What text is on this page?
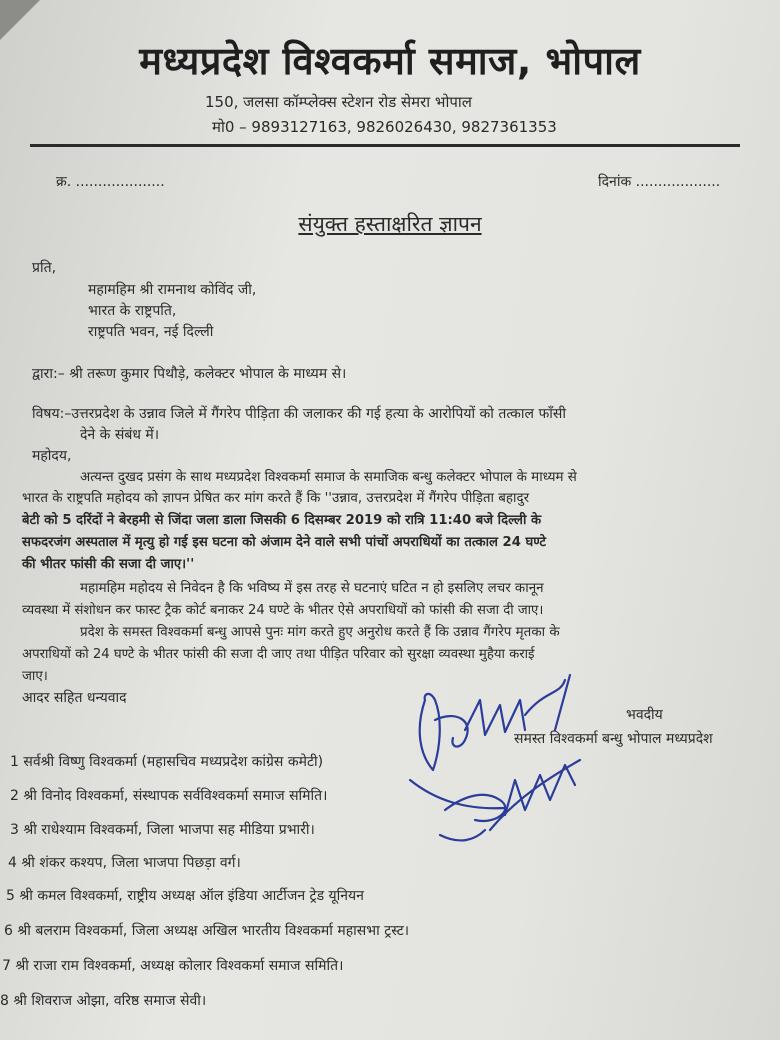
मध्यप्रदेश विश्वकर्मा समाज, भोपाल
150, जलसा कॉम्प्लेक्स स्टेशन रोड सेमरा भोपाल
मो0 – 9893127163, 9826026430, 9827361353
क्र. ....................	दिनांक ...................
संयुक्त हस्ताक्षरित ज्ञापन
प्रति,
महामहिम श्री रामनाथ कोविंद जी,
भारत के राष्ट्रपति,
राष्ट्रपति भवन, नई दिल्ली
द्वारा:– श्री तरूण कुमार पिथौड़े, कलेक्टर भोपाल के माध्यम से।
विषय:–उत्तरप्रदेश के उन्नाव जिले में गैंगरेप पीड़िता की जलाकर की गई हत्या के आरोपियों को तत्काल फाँसी
देने के संबंध में।
महोदय,
अत्यन्त दुखद प्रसंग के साथ मध्यप्रदेश विश्वकर्मा समाज के समाजिक बन्धु कलेक्टर भोपाल के माध्यम से
भारत के राष्ट्रपति महोदय को ज्ञापन प्रेषित कर मांग करते हैं कि ''उन्नाव, उत्तरप्रदेश में गैंगरेप पीड़िता बहादुर
बेटी को 5 दरिंदों ने बेरहमी से जिंदा जला डाला जिसकी 6 दिसम्बर 2019 को रात्रि 11:40 बजे दिल्ली के
सफदरजंग अस्पताल में मृत्यु हो गई इस घटना को अंजाम देने वाले सभी पांचों अपराधियों का तत्काल 24 घण्टे
की भीतर फांसी की सजा दी जाए।''
महामहिम महोदय से निवेदन है कि भविष्य में इस तरह से घटनाएं घटित न हो इसलिए लचर कानून
व्यवस्था में संशोधन कर फास्ट ट्रैक कोर्ट बनाकर 24 घण्टे के भीतर ऐसे अपराधियों को फांसी की सजा दी जाए।
प्रदेश के समस्त विश्वकर्मा बन्धु आपसे पुनः मांग करते हुए अनुरोध करते हैं कि उन्नाव गैंगरेप मृतका के
अपराधियों को 24 घण्टे के भीतर फांसी की सजा दी जाए तथा पीड़ित परिवार को सुरक्षा व्यवस्था मुहैया कराई
जाए।
आदर सहित धन्यवाद
भवदीय
समस्त विश्वकर्मा बन्धु भोपाल मध्यप्रदेश
1 सर्वश्री विष्णु विश्वकर्मा (महासचिव मध्यप्रदेश कांग्रेस कमेटी)
2 श्री विनोद विश्वकर्मा, संस्थापक सर्वविश्वकर्मा समाज समिति।
3 श्री राधेश्याम विश्वकर्मा, जिला भाजपा सह मीडिया प्रभारी।
4 श्री शंकर कश्यप, जिला भाजपा पिछड़ा वर्ग।
5 श्री कमल विश्वकर्मा, राष्ट्रीय अध्यक्ष ऑल इंडिया आर्टीजन ट्रेड यूनियन
6 श्री बलराम विश्वकर्मा, जिला अध्यक्ष अखिल भारतीय विश्वकर्मा महासभा ट्रस्ट।
7 श्री राजा राम विश्वकर्मा, अध्यक्ष कोलार विश्वकर्मा समाज समिति।
8 श्री शिवराज ओझा, वरिष्ठ समाज सेवी।
